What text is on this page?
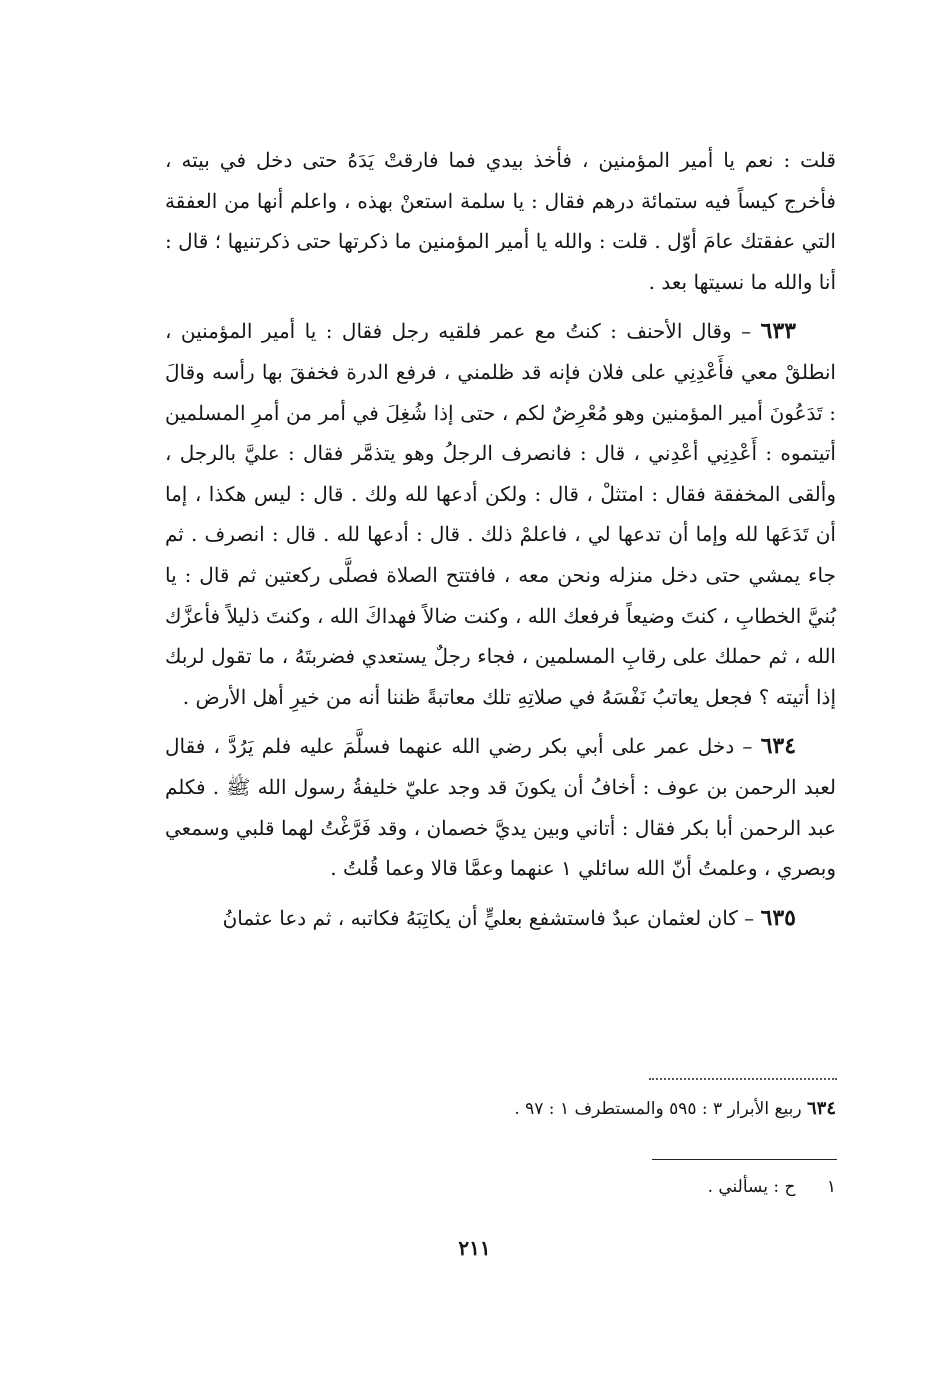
قلت : نعم يا أمير المؤمنين ، فأخذ بيدي فما فارقتْ يَدَهُ حتى دخل في بيته ، فأخرج كيساً فيه ستمائة درهم فقال : يا سلمة استعنْ بهذه ، واعلم أنها من العفقة التي عفقتك عامَ أوّل . قلت : والله يا أمير المؤمنين ما ذكرتها حتى ذكرتنيها ؛ قال : أنا والله ما نسيتها بعد .

٦٣٣ – وقال الأحنف : كنتُ مع عمر فلقيه رجل فقال : يا أمير المؤمنين ، انطلقْ معي فأَعْدِنِي على فلان فإنه قد ظلمني ، فرفع الدرة فخفقَ بها رأسه وقالَ : تَدَعُونَ أمير المؤمنين وهو مُعْرِضٌ لكم ، حتى إذا شُغِلَ في أمر من أمرِ المسلمين أتيتموه : أَعْدِنِي أعْدِني ، قال : فانصرف الرجلُ وهو يتذمَّر فقال : عليَّ بالرجل ، وألقى المخفقة فقال : امتثلْ ، قال : ولكن أدعها لله ولك . قال : ليس هكذا ، إما أن تَدَعَها لله وإما أن تدعها لي ، فاعلمْ ذلك . قال : أدعها لله . قال : انصرف . ثم جاء يمشي حتى دخل منزله ونحن معه ، فافتتح الصلاة فصلَّى ركعتين ثم قال : يا بُنيَّ الخطابِ ، كنتَ وضيعاً فرفعك الله ، وكنت ضالاً فهداكَ الله ، وكنتَ ذليلاً فأعزَّك الله ، ثم حملك على رقابِ المسلمين ، فجاء رجلٌ يستعدي فضربتَهُ ، ما تقول لربك إذا أتيته ؟ فجعل يعاتبُ نَفْسَهُ في صلاتِهِ تلك معاتبةً ظننا أنه من خيرِ أهل الأرض .

٦٣٤ – دخل عمر على أبي بكر رضي الله عنهما فسلَّمَ عليه فلم يَرُدَّ ، فقال لعبد الرحمن بن عوف : أخافُ أن يكونَ قد وجد عليّ خليفةُ رسول الله ﷺ . فكلم عبد الرحمن أبا بكر فقال : أتاني وبين يديَّ خصمان ، وقد فَرَّغْتُ لهما قلبي وسمعي وبصري ، وعلمتُ أنّ الله سائلي ١ عنهما وعمَّا قالا وعما قُلتُ .

٦٣٥ – كان لعثمان عبدٌ فاستشفع بعليٍّ أن يكاتِبَهُ فكاتبه ، ثم دعا عثمانُ

٦٣٤ ربيع الأبرار ٣ : ٥٩٥ والمستطرف ١ : ٩٧ .
١ ح : يسألني .
٢١١
